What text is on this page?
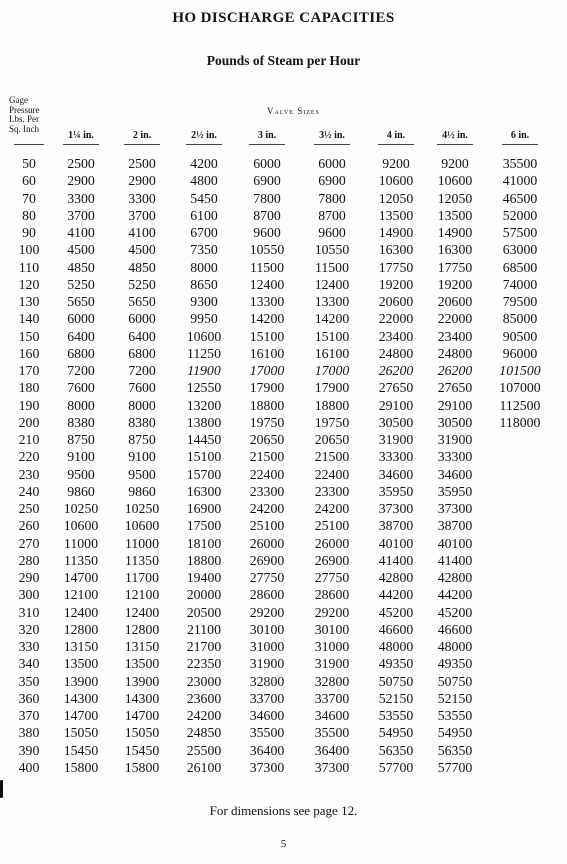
HO DISCHARGE CAPACITIES
Pounds of Steam per Hour
Gage
Pressure
Lbs. Per
Sq. Inch
Valve Sizes
1¼ in.	2 in.	2½ in.	3 in.	3½ in.	4 in.	4½ in.	6 in.
50	2500	2500	4200	6000	6000	9200	9200	35500
60	2900	2900	4800	6900	6900	10600	10600	41000
70	3300	3300	5450	7800	7800	12050	12050	46500
80	3700	3700	6100	8700	8700	13500	13500	52000
90	4100	4100	6700	9600	9600	14900	14900	57500
100	4500	4500	7350	10550	10550	16300	16300	63000
110	4850	4850	8000	11500	11500	17750	17750	68500
120	5250	5250	8650	12400	12400	19200	19200	74000
130	5650	5650	9300	13300	13300	20600	20600	79500
140	6000	6000	9950	14200	14200	22000	22000	85000
150	6400	6400	10600	15100	15100	23400	23400	90500
160	6800	6800	11250	16100	16100	24800	24800	96000
170	7200	7200	11900	17000	17000	26200	26200	101500
180	7600	7600	12550	17900	17900	27650	27650	107000
190	8000	8000	13200	18800	18800	29100	29100	112500
200	8380	8380	13800	19750	19750	30500	30500	118000
210	8750	8750	14450	20650	20650	31900	31900
220	9100	9100	15100	21500	21500	33300	33300
230	9500	9500	15700	22400	22400	34600	34600
240	9860	9860	16300	23300	23300	35950	35950
250	10250	10250	16900	24200	24200	37300	37300
260	10600	10600	17500	25100	25100	38700	38700
270	11000	11000	18100	26000	26000	40100	40100
280	11350	11350	18800	26900	26900	41400	41400
290	14700	11700	19400	27750	27750	42800	42800
300	12100	12100	20000	28600	28600	44200	44200
310	12400	12400	20500	29200	29200	45200	45200
320	12800	12800	21100	30100	30100	46600	46600
330	13150	13150	21700	31000	31000	48000	48000
340	13500	13500	22350	31900	31900	49350	49350
350	13900	13900	23000	32800	32800	50750	50750
360	14300	14300	23600	33700	33700	52150	52150
370	14700	14700	24200	34600	34600	53550	53550
380	15050	15050	24850	35500	35500	54950	54950
390	15450	15450	25500	36400	36400	56350	56350
400	15800	15800	26100	37300	37300	57700	57700
For dimensions see page 12.
5
